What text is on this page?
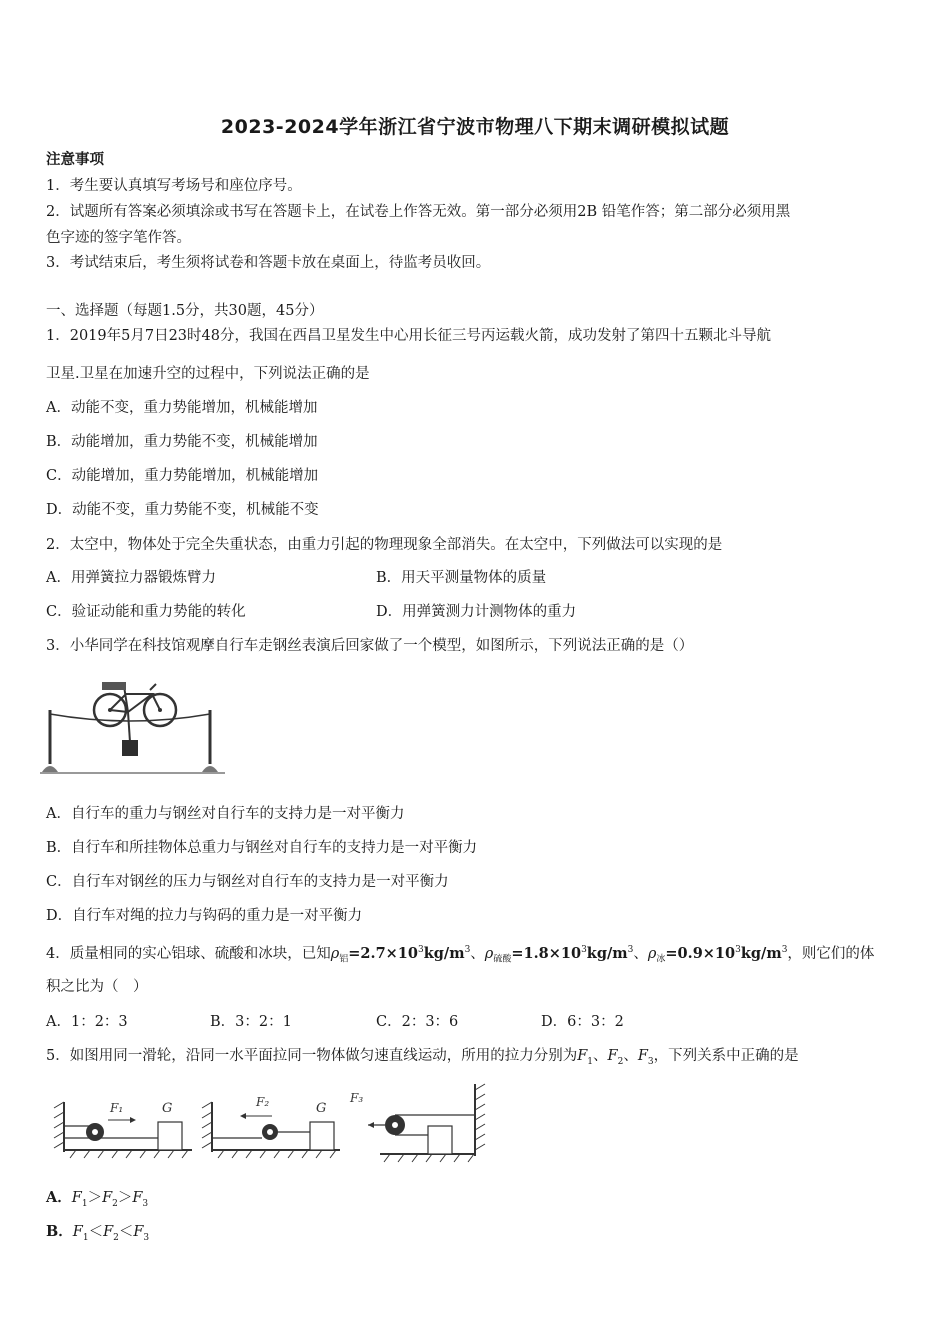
2023-2024学年浙江省宁波市物理八下期末调研模拟试题
注意事项
1．考生要认真填写考场号和座位序号。
2．试题所有答案必须填涂或书写在答题卡上，在试卷上作答无效。第一部分必须用2B 铅笔作答；第二部分必须用黑
色字迹的签字笔作答。
3．考试结束后，考生须将试卷和答题卡放在桌面上，待监考员收回。
一、选择题（每题1.5分，共30题，45分）
1．2019年5月7日23时48分，我国在西昌卫星发生中心用长征三号丙运载火箭，成功发射了第四十五颗北斗导航
卫星.卫星在加速升空的过程中，下列说法正确的是
A．动能不变，重力势能增加，机械能增加
B．动能增加，重力势能不变，机械能增加
C．动能增加，重力势能增加，机械能增加
D．动能不变，重力势能不变，机械能不变
2．太空中，物体处于完全失重状态，由重力引起的物理现象全部消失。在太空中，下列做法可以实现的是
A．用弹簧拉力器锻炼臂力	B．用天平测量物体的质量
C．验证动能和重力势能的转化	D．用弹簧测力计测物体的重力
3．小华同学在科技馆观摩自行车走钢丝表演后回家做了一个模型，如图所示，下列说法正确的是（）
A．自行车的重力与钢丝对自行车的支持力是一对平衡力
B．自行车和所挂物体总重力与钢丝对自行车的支持力是一对平衡力
C．自行车对钢丝的压力与钢丝对自行车的支持力是一对平衡力
D．自行车对绳的拉力与钩码的重力是一对平衡力
4．质量相同的实心铝球、硫酸和冰块，已知$\rho_铝=2.7\times 10^3kg/m^3$、$\rho_{硫酸}=1.8\times 10^3kg/m^3$、$\rho_冰=0.9\times 10^3kg/m^3$，则它们的体
积之比为（　）
A．1：2：3	B．3：2：1	C．2：3：6	D．6：3：2
5．如图用同一滑轮，沿同一水平面拉同一物体做匀速直线运动，所用的拉力分别为$F_1$、$F_2$、$F_3$，下列关系中正确的是
F₁	G	F₂	G
F₃
A．$F_1>F_2>F_3$
B．$F_1<F_2<F_3$
